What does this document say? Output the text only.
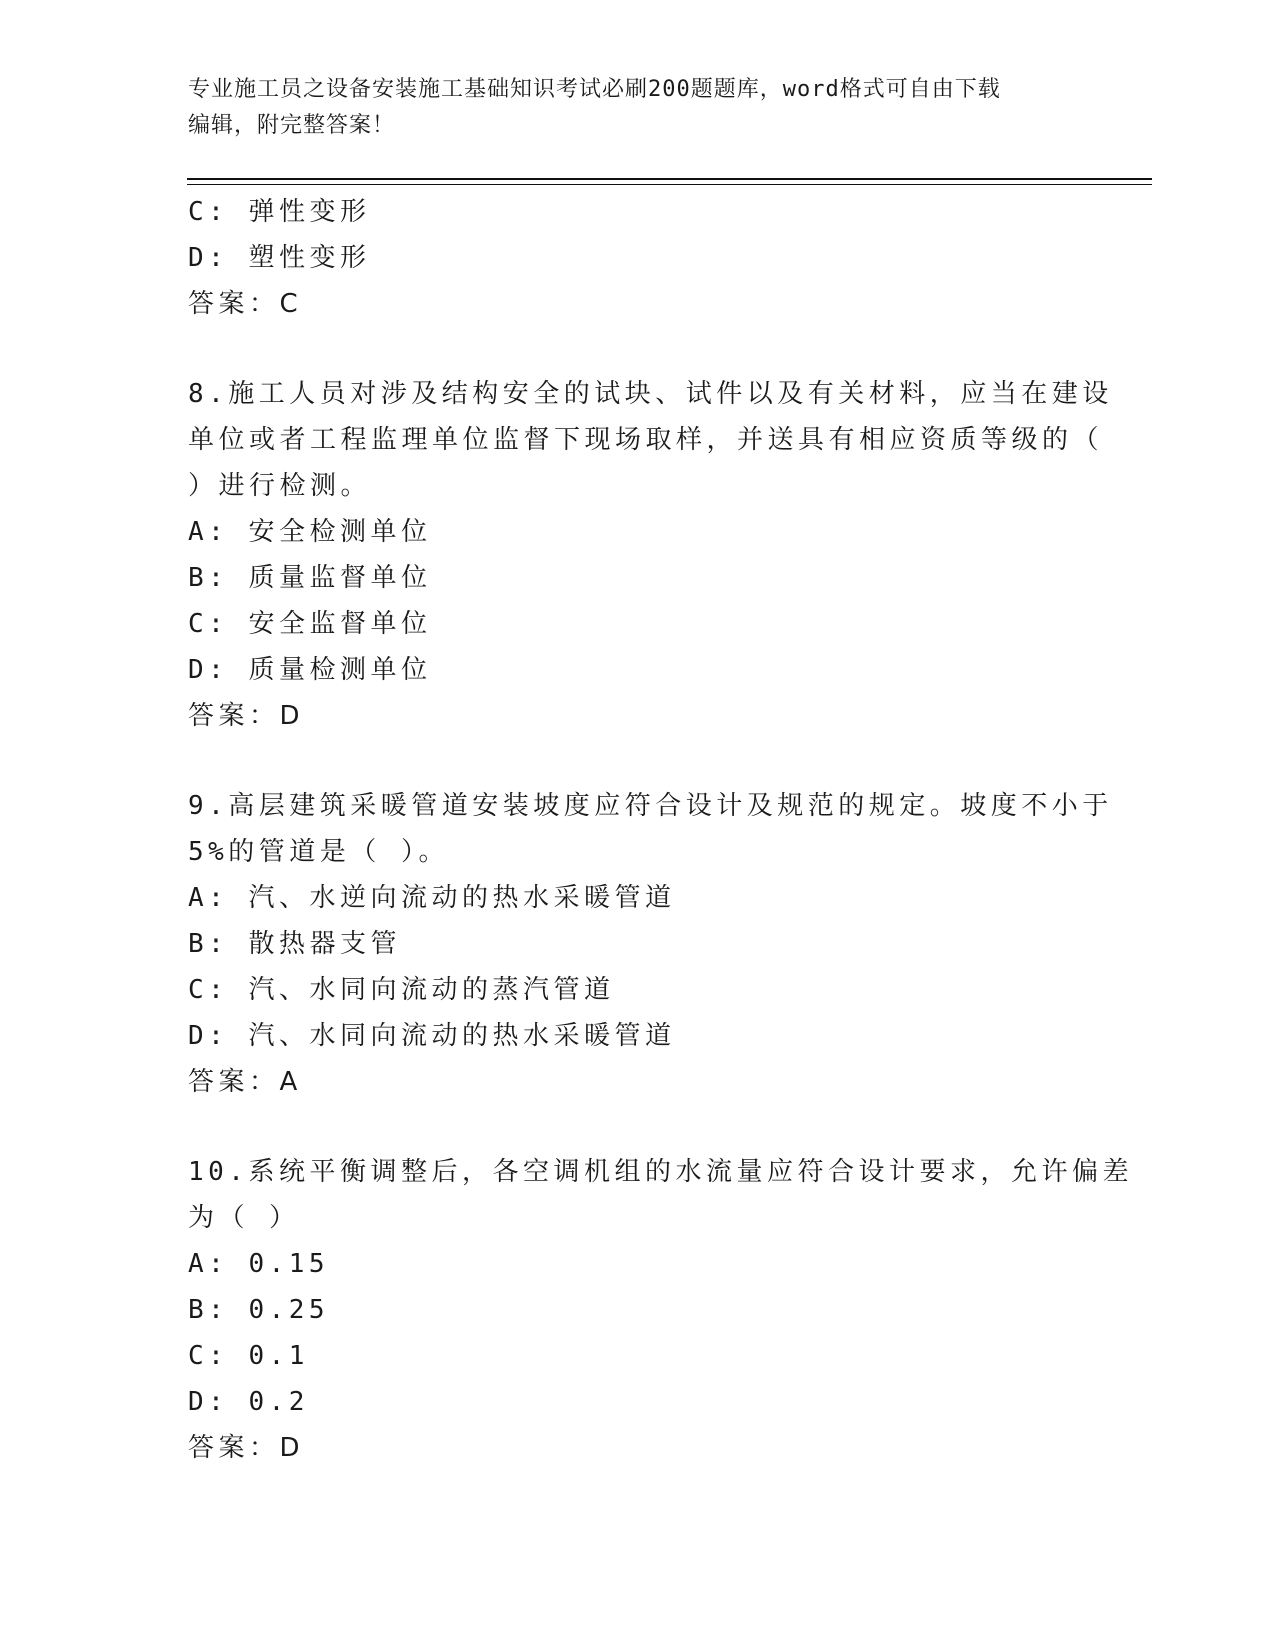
专业施工员之设备安装施工基础知识考试必刷200题题库，word格式可自由下载
编辑，附完整答案！
C: 弹性变形
D: 塑性变形
答案：C
8.施工人员对涉及结构安全的试块、试件以及有关材料，应当在建设
单位或者工程监理单位监督下现场取样，并送具有相应资质等级的（
）进行检测。
A: 安全检测单位
B: 质量监督单位
C: 安全监督单位
D: 质量检测单位
答案：D
9.高层建筑采暖管道安装坡度应符合设计及规范的规定。坡度不小于
5%的管道是（ ）。
A: 汽、水逆向流动的热水采暖管道
B: 散热器支管
C: 汽、水同向流动的蒸汽管道
D: 汽、水同向流动的热水采暖管道
答案：A
10.系统平衡调整后，各空调机组的水流量应符合设计要求，允许偏差
为（ ）
A: 0.15
B: 0.25
C: 0.1
D: 0.2
答案：D
